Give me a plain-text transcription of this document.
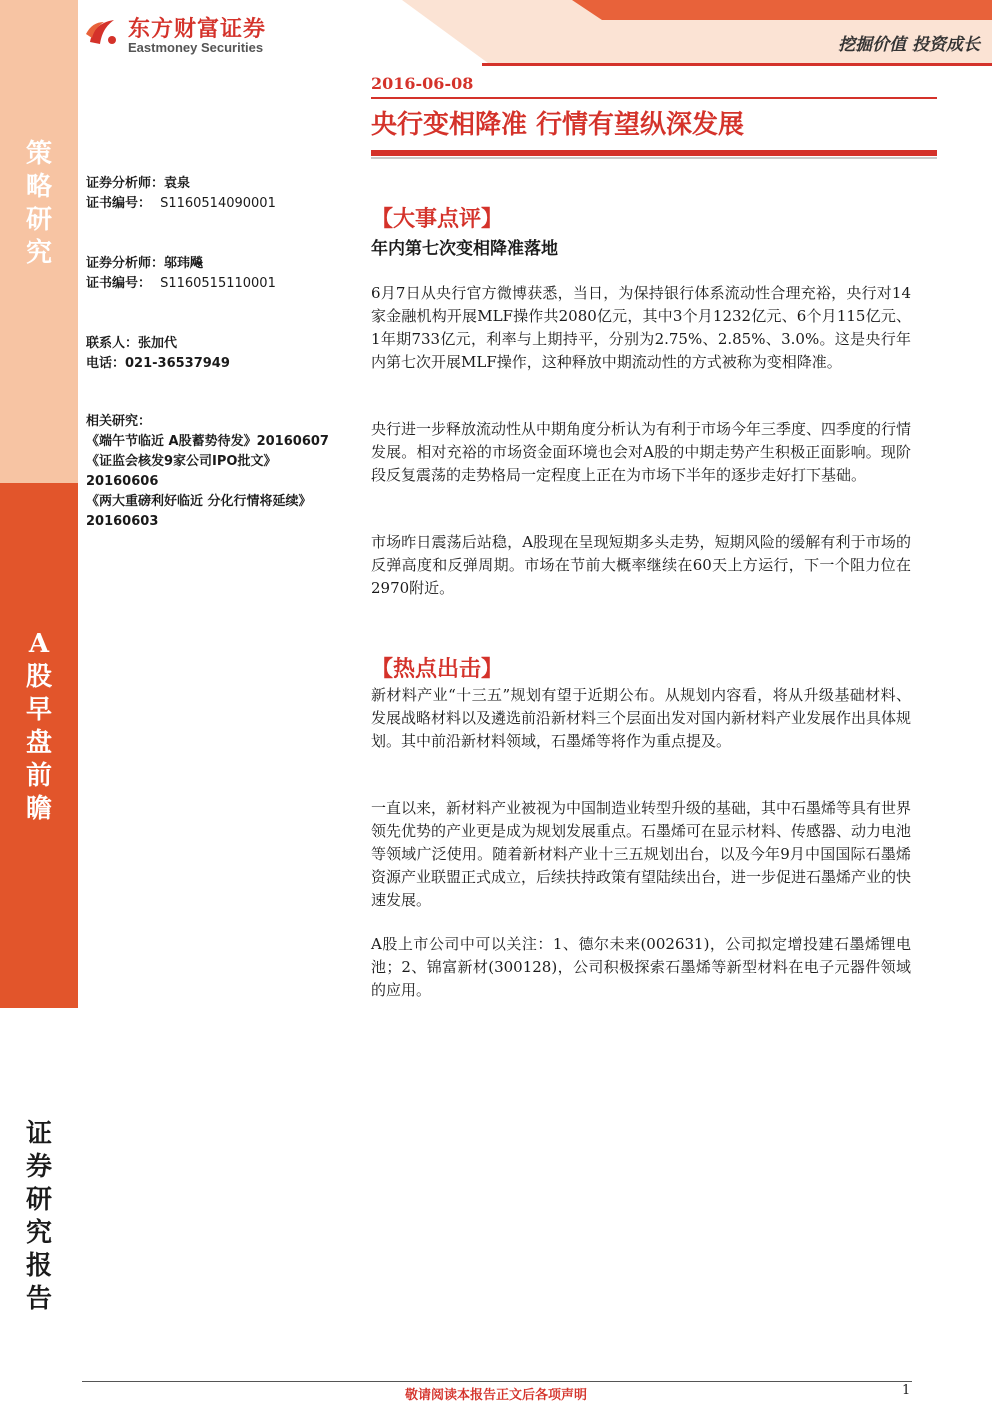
策
略
研
究
A
股
早
盘
前
瞻
证
券
研
究
报
告
东方财富证券
Eastmoney Securities	挖掘价值 投资成长
2016-06-08
央行变相降准 行情有望纵深发展
证券分析师：袁泉
证书编号： S1160514090001
证券分析师：邬玮飚
证书编号： S1160515110001
联系人：张加代
电话：021-36537949
相关研究：
《端午节临近 A股蓄势待发》20160607
《证监会核发9家公司IPO批文》20160606
《两大重磅利好临近 分化行情将延续》20160603
【大事点评】
年内第七次变相降准落地
6月7日从央行官方微博获悉，当日，为保持银行体系流动性合理充裕，央行对14家金融机构开展MLF操作共2080亿元，其中3个月1232亿元、6个月115亿元、1年期733亿元，利率与上期持平，分别为2.75%、2.85%、3.0%。这是央行年内第七次开展MLF操作，这种释放中期流动性的方式被称为变相降准。
央行进一步释放流动性从中期角度分析认为有利于市场今年三季度、四季度的行情发展。相对充裕的市场资金面环境也会对A股的中期走势产生积极正面影响。现阶段反复震荡的走势格局一定程度上正在为市场下半年的逐步走好打下基础。
市场昨日震荡后站稳，A股现在呈现短期多头走势，短期风险的缓解有利于市场的反弹高度和反弹周期。市场在节前大概率继续在60天上方运行，下一个阻力位在2970附近。
【热点出击】
新材料产业“十三五”规划有望于近期公布。从规划内容看，将从升级基础材料、发展战略材料以及遴选前沿新材料三个层面出发对国内新材料产业发展作出具体规划。其中前沿新材料领域，石墨烯等将作为重点提及。
一直以来，新材料产业被视为中国制造业转型升级的基础，其中石墨烯等具有世界领先优势的产业更是成为规划发展重点。石墨烯可在显示材料、传感器、动力电池等领域广泛使用。随着新材料产业十三五规划出台，以及今年9月中国国际石墨烯资源产业联盟正式成立，后续扶持政策有望陆续出台，进一步促进石墨烯产业的快速发展。
A股上市公司中可以关注：1、德尔未来(002631)，公司拟定增投建石墨烯锂电池；2、锦富新材(300128)，公司积极探索石墨烯等新型材料在电子元器件领域的应用。
敬请阅读本报告正文后各项声明	1
